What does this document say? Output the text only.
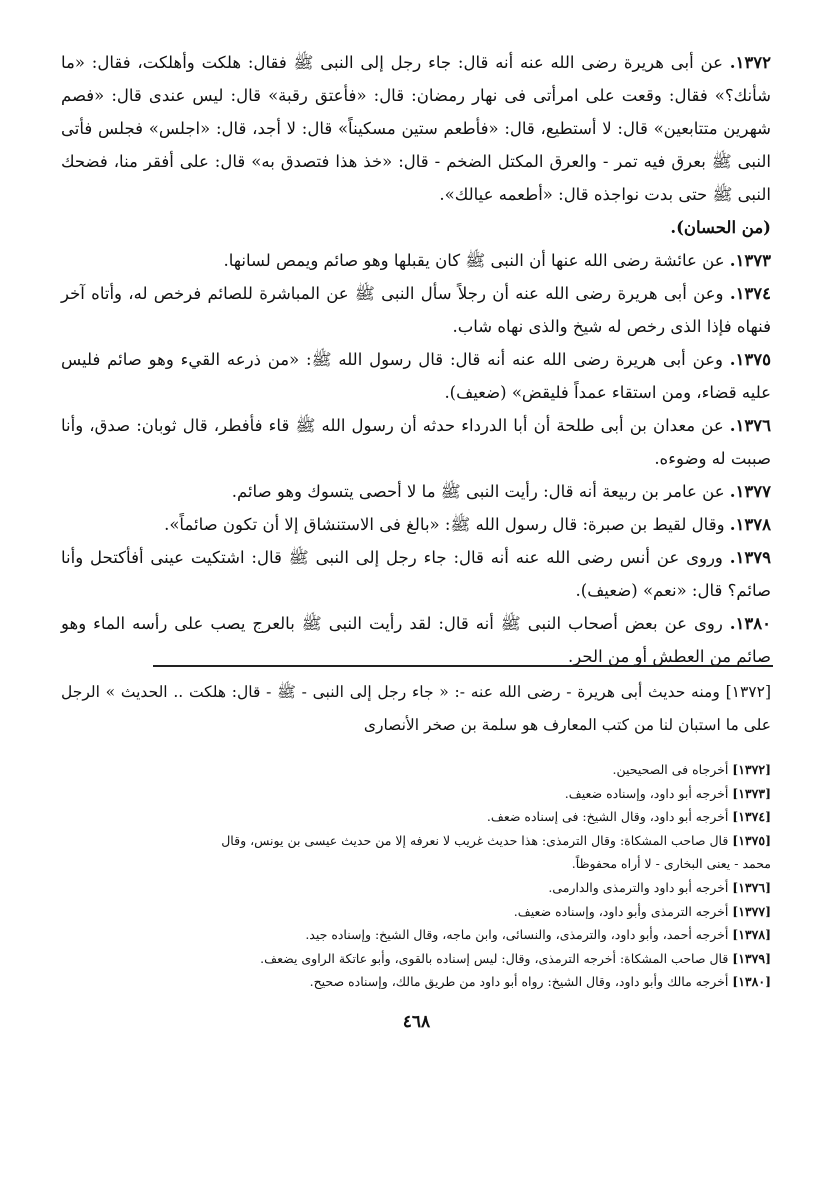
١٣٧٢. عن أبى هريرة رضى الله عنه أنه قال: جاء رجل إلى النبى ﷺ فقال: هلكت وأهلكت، فقال: «ما شأنك؟» فقال: وقعت على امرأتى فى نهار رمضان: قال: «فأعتق رقبة» قال: ليس عندى قال: «فصم شهرين متتابعين» قال: لا أستطيع، قال: «فأطعم ستين مسكيناً» قال: لا أجد، قال: «اجلس» فجلس فأتى النبى ﷺ بعرق فيه تمر - والعرق المكتل الضخم - قال: «خذ هذا فتصدق به» قال: على أفقر منا، فضحك النبى ﷺ حتى بدت نواجذه قال: «أطعمه عيالك».

(من الحسان).

١٣٧٣. عن عائشة رضى الله عنها أن النبى ﷺ كان يقبلها وهو صائم ويمص لسانها.

١٣٧٤. وعن أبى هريرة رضى الله عنه أن رجلاً سأل النبى ﷺ عن المباشرة للصائم فرخص له، وأتاه آخر فنهاه فإذا الذى رخص له شيخ والذى نهاه شاب.

١٣٧٥. وعن أبى هريرة رضى الله عنه أنه قال: قال رسول الله ﷺ: «من ذرعه القيء وهو صائم فليس عليه قضاء، ومن استقاء عمداً فليقض» (ضعيف).

١٣٧٦. عن معدان بن أبى طلحة أن أبا الدرداء حدثه أن رسول الله ﷺ قاء فأفطر، قال ثوبان: صدق، وأنا صببت له وضوءه.

١٣٧٧. عن عامر بن ربيعة أنه قال: رأيت النبى ﷺ ما لا أحصى يتسوك وهو صائم.

١٣٧٨. وقال لقيط بن صبرة: قال رسول الله ﷺ: «بالغ فى الاستنشاق إلا أن تكون صائماً».

١٣٧٩. وروى عن أنس رضى الله عنه أنه قال: جاء رجل إلى النبى ﷺ قال: اشتكيت عينى أفأكتحل وأنا صائم؟ قال: «نعم» (ضعيف).

١٣٨٠. روى عن بعض أصحاب النبى ﷺ أنه قال: لقد رأيت النبى ﷺ بالعرج يصب على رأسه الماء وهو صائم من العطش أو من الحر.

[١٣٧٢] ومنه حديث أبى هريرة - رضى الله عنه -: « جاء رجل إلى النبى - ﷺ - قال: هلكت .. الحديث » الرجل على ما استبان لنا من كتب المعارف هو سلمة بن صخر الأنصارى

[١٣٧٢] أخرجاه فى الصحيحين.

[١٣٧٣] أخرجه أبو داود، وإسناده ضعيف.

[١٣٧٤] أخرجه أبو داود، وقال الشيخ: فى إسناده ضعف.

[١٣٧٥] قال صاحب المشكاة: وقال الترمذى: هذا حديث غريب لا نعرفه إلا من حديث عيسى بن يونس، وقال

محمد - يعنى البخارى - لا أراه محفوظاً.

[١٣٧٦] أخرجه أبو داود والترمذى والدارمى.

[١٣٧٧] أخرجه الترمذى وأبو داود، وإسناده ضعيف.

[١٣٧٨] أخرجه أحمد، وأبو داود، والترمذى، والنسائى، وابن ماجه، وقال الشيخ: وإسناده جيد.

[١٣٧٩] قال صاحب المشكاة: أخرجه الترمذى، وقال: ليس إسناده بالقوى، وأبو عاتكة الراوى يضعف.

[١٣٨٠] أخرجه مالك وأبو داود، وقال الشيخ: رواه أبو داود من طريق مالك، وإسناده صحيح.

٤٦٨
